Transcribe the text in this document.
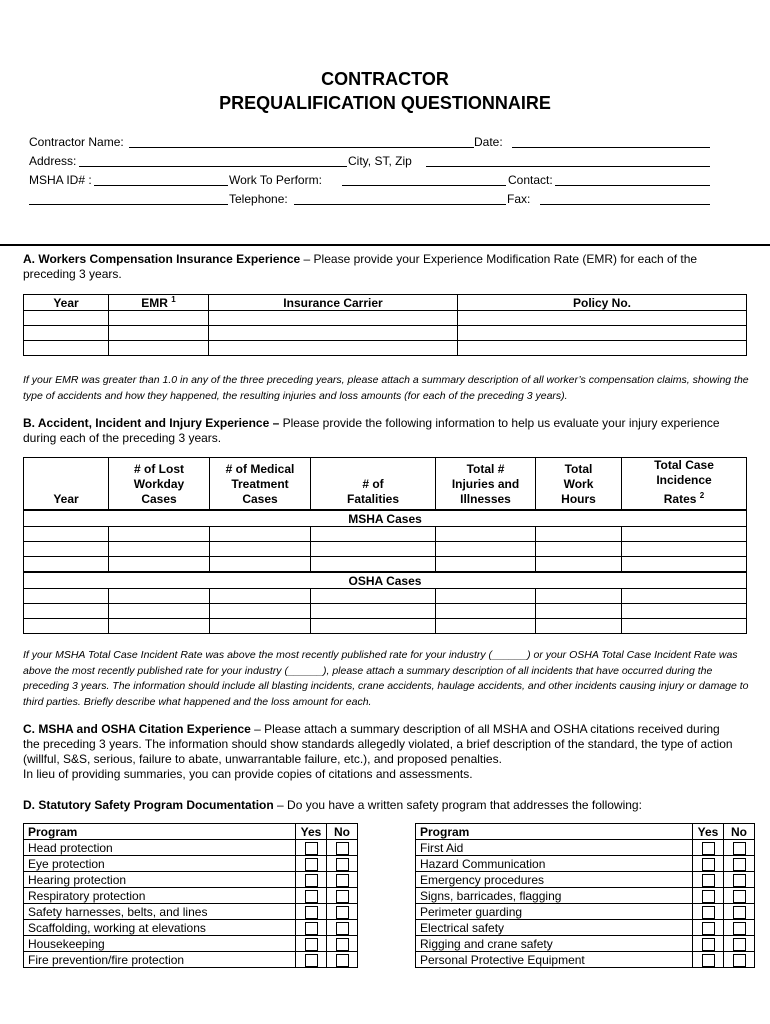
CONTRACTOR
PREQUALIFICATION QUESTIONNAIRE
Contractor Name:	Date:
Address:	City, ST, Zip
MSHA ID# :	Work To Perform:	Contact:
Telephone:	Fax:
A. Workers Compensation Insurance Experience – Please provide your Experience Modification Rate (EMR) for each of the preceding 3 years.
Year	EMR $^1$	Insurance Carrier	Policy No.

If your EMR was greater than 1.0 in any of the three preceding years, please attach a summary description of all worker’s compensation claims, showing the type of accidents and how they happened, the resulting injuries and loss amounts (for each of the preceding 3 years).
B. Accident, Incident and Injury Experience – Please provide the following information to help us evaluate your injury experience during each of the preceding 3 years.
Year	# of Lost
Workday
Cases	# of Medical
Treatment
Cases	# of
Fatalities	Total #
Injuries and
Illnesses	Total
Work
Hours	Total Case
Incidence
Rates $^2$
MSHA Cases						

OSHA Cases						

If your MSHA Total Case Incident Rate was above the most recently published rate for your industry (______) or your OSHA Total Case Incident Rate was above the most recently published rate for your industry (______), please attach a summary description of all incidents that have occurred during the preceding 3 years. The information should include all blasting incidents, crane accidents, haulage accidents, and other incidents causing injury or damage to third parties. Briefly describe what happened and the loss amount for each.
C. MSHA and OSHA Citation Experience – Please attach a summary description of all MSHA and OSHA citations received during the preceding 3 years. The information should show standards allegedly violated, a brief description of the standard, the type of action (willful, S&S, serious, failure to abate, unwarrantable failure, etc.), and proposed penalties.
In lieu of providing summaries, you can provide copies of citations and assessments.
D. Statutory Safety Program Documentation – Do you have a written safety program that addresses the following:
Program	Yes	No
Head protection		
Eye protection		
Hearing protection		
Respiratory protection		
Safety harnesses, belts, and lines		
Scaffolding, working at elevations		
Housekeeping		
Fire prevention/fire protection		
Program	Yes	No
First Aid		
Hazard Communication		
Emergency procedures		
Signs, barricades, flagging		
Perimeter guarding		
Electrical safety		
Rigging and crane safety		
Personal Protective Equipment		
